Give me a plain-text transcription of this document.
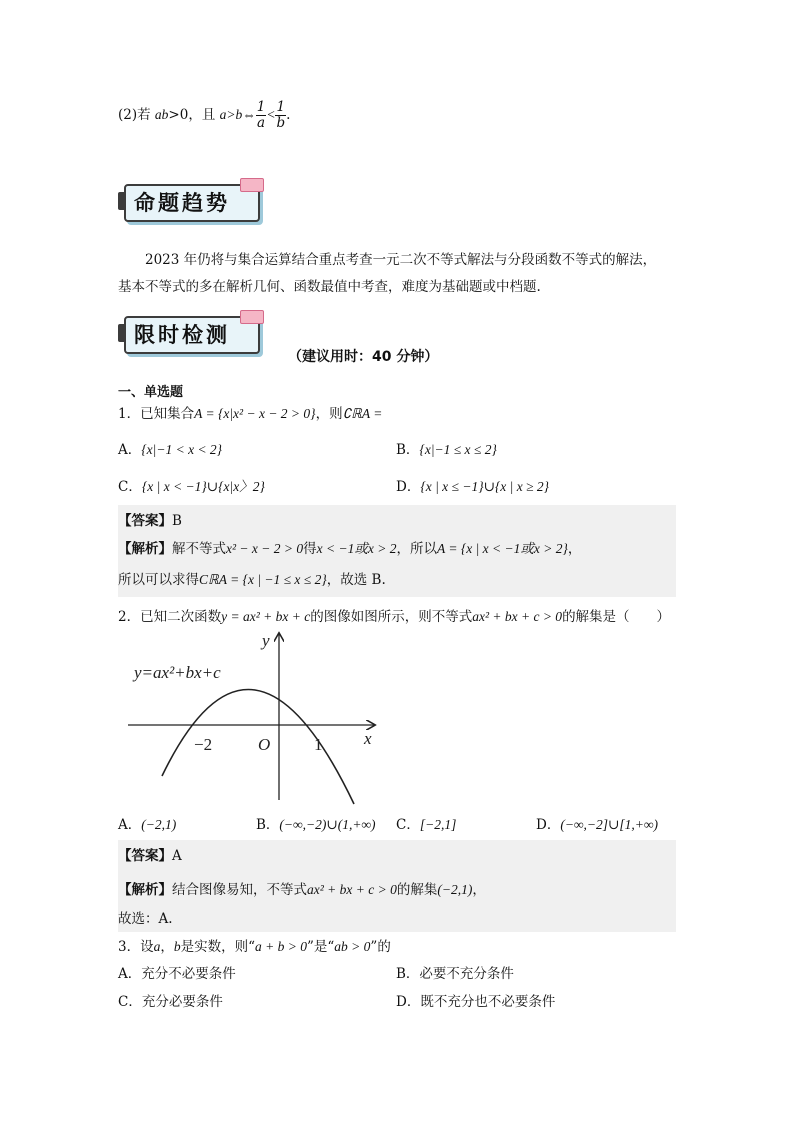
(2)若 ab>0，且 a>b⇔ $\frac{1}{a} < \frac{1}{b}$ .
命题趋势
2023 年仍将与集合运算结合重点考查一元二次不等式解法与分段函数不等式的解法，
基本不等式的多在解析几何、函数最值中考查，难度为基础题或中档题.
限时检测
（建议用时：40 分钟）
一、单选题
1．已知集合A = {x|x² − x − 2 > 0}，则∁ℝA =
A．{x|−1 < x < 2}	B．{x|−1 ≤ x ≤ 2}
C．{x | x < −1}∪{x|x〉2}	D．{x | x ≤ −1}∪{x | x ≥ 2}
【答案】B
【解析】解不等式x² − x − 2 > 0得x < −1或x > 2，所以A = {x | x < −1或x > 2}，
所以可以求得CℝA = {x | −1 ≤ x ≤ 2}，故选 B.
2．已知二次函数y = ax² + bx + c的图像如图所示，则不等式ax² + bx + c > 0的解集是（　　）
y=ax²+bx+c
y
x
O
−2	1
A．(−2,1)	B．(−∞,−2)∪(1,+∞) C．[−2,1]	D．(−∞,−2]∪[1,+∞)
【答案】A
【解析】结合图像易知，不等式ax² + bx + c > 0的解集(−2,1)，
故选：A.
3．设a，b是实数，则“a + b > 0”是“ab > 0”的
A．充分不必要条件	B．必要不充分条件
C．充分必要条件	D．既不充分也不必要条件
